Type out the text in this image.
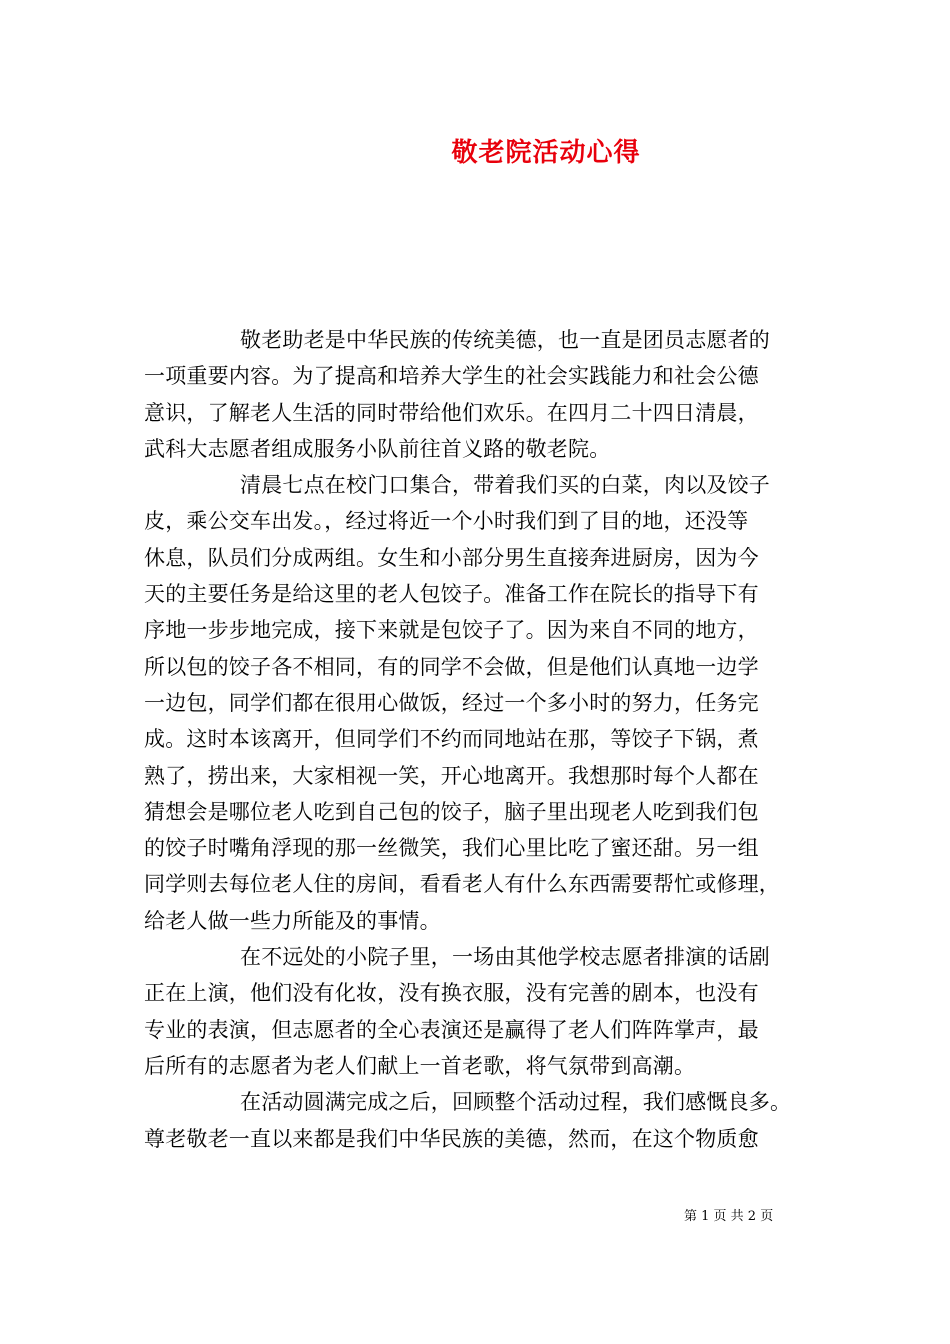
敬老院活动心得
敬老助老是中华民族的传统美德，也一直是团员志愿者的
一项重要内容。为了提高和培养大学生的社会实践能力和社会公德
意识，了解老人生活的同时带给他们欢乐。在四月二十四日清晨，
武科大志愿者组成服务小队前往首义路的敬老院。
清晨七点在校门口集合，带着我们买的白菜，肉以及饺子
皮，乘公交车出发。，经过将近一个小时我们到了目的地，还没等
休息，队员们分成两组。女生和小部分男生直接奔进厨房，因为今
天的主要任务是给这里的老人包饺子。准备工作在院长的指导下有
序地一步步地完成，接下来就是包饺子了。因为来自不同的地方，
所以包的饺子各不相同，有的同学不会做，但是他们认真地一边学
一边包，同学们都在很用心做饭，经过一个多小时的努力，任务完
成。这时本该离开，但同学们不约而同地站在那，等饺子下锅，煮
熟了，捞出来，大家相视一笑，开心地离开。我想那时每个人都在
猜想会是哪位老人吃到自己包的饺子，脑子里出现老人吃到我们包
的饺子时嘴角浮现的那一丝微笑，我们心里比吃了蜜还甜。另一组
同学则去每位老人住的房间，看看老人有什么东西需要帮忙或修理，
给老人做一些力所能及的事情。
在不远处的小院子里，一场由其他学校志愿者排演的话剧
正在上演，他们没有化妆，没有换衣服，没有完善的剧本，也没有
专业的表演，但志愿者的全心表演还是赢得了老人们阵阵掌声，最
后所有的志愿者为老人们献上一首老歌，将气氛带到高潮。
在活动圆满完成之后，回顾整个活动过程，我们感慨良多。
尊老敬老一直以来都是我们中华民族的美德，然而，在这个物质愈
第 1 页 共 2 页
